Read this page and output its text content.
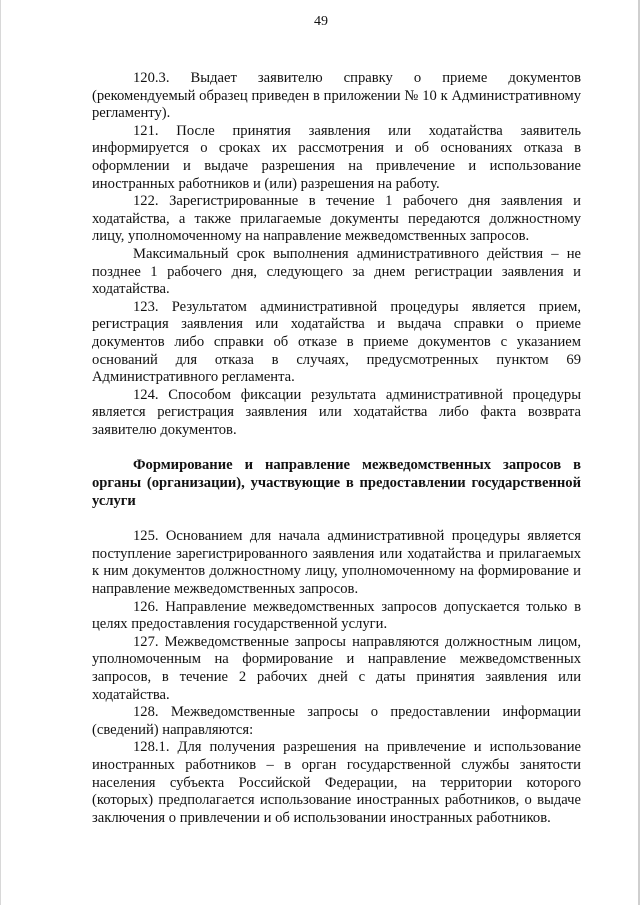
49

120.3. Выдает заявителю справку о приеме документов (рекомендуемый образец приведен в приложении № 10 к Административному регламенту).

121. После принятия заявления или ходатайства заявитель информируется о сроках их рассмотрения и об основаниях отказа в оформлении и выдаче разрешения на привлечение и использование иностранных работников и (или) разрешения на работу.

122. Зарегистрированные в течение 1 рабочего дня заявления и ходатайства, а также прилагаемые документы передаются должностному лицу, уполномоченному на направление межведомственных запросов.

Максимальный срок выполнения административного действия – не позднее 1 рабочего дня, следующего за днем регистрации заявления и ходатайства.

123. Результатом административной процедуры является прием, регистрация заявления или ходатайства и выдача справки о приеме документов либо справки об отказе в приеме документов с указанием оснований для отказа в случаях, предусмотренных пунктом 69 Административного регламента.

124. Способом фиксации результата административной процедуры является регистрация заявления или ходатайства либо факта возврата заявителю документов.

Формирование и направление межведомственных запросов в органы (организации), участвующие в предоставлении государственной услуги

125. Основанием для начала административной процедуры является поступление зарегистрированного заявления или ходатайства и прилагаемых к ним документов должностному лицу, уполномоченному на формирование и направление межведомственных запросов.

126. Направление межведомственных запросов допускается только в целях предоставления государственной услуги.

127. Межведомственные запросы направляются должностным лицом, уполномоченным на формирование и направление межведомственных запросов, в течение 2 рабочих дней с даты принятия заявления или ходатайства.

128. Межведомственные запросы о предоставлении информации (сведений) направляются:

128.1. Для получения разрешения на привлечение и использование иностранных работников – в орган государственной службы занятости населения субъекта Российской Федерации, на территории которого (которых) предполагается использование иностранных работников, о выдаче заключения о привлечении и об использовании иностранных работников.
